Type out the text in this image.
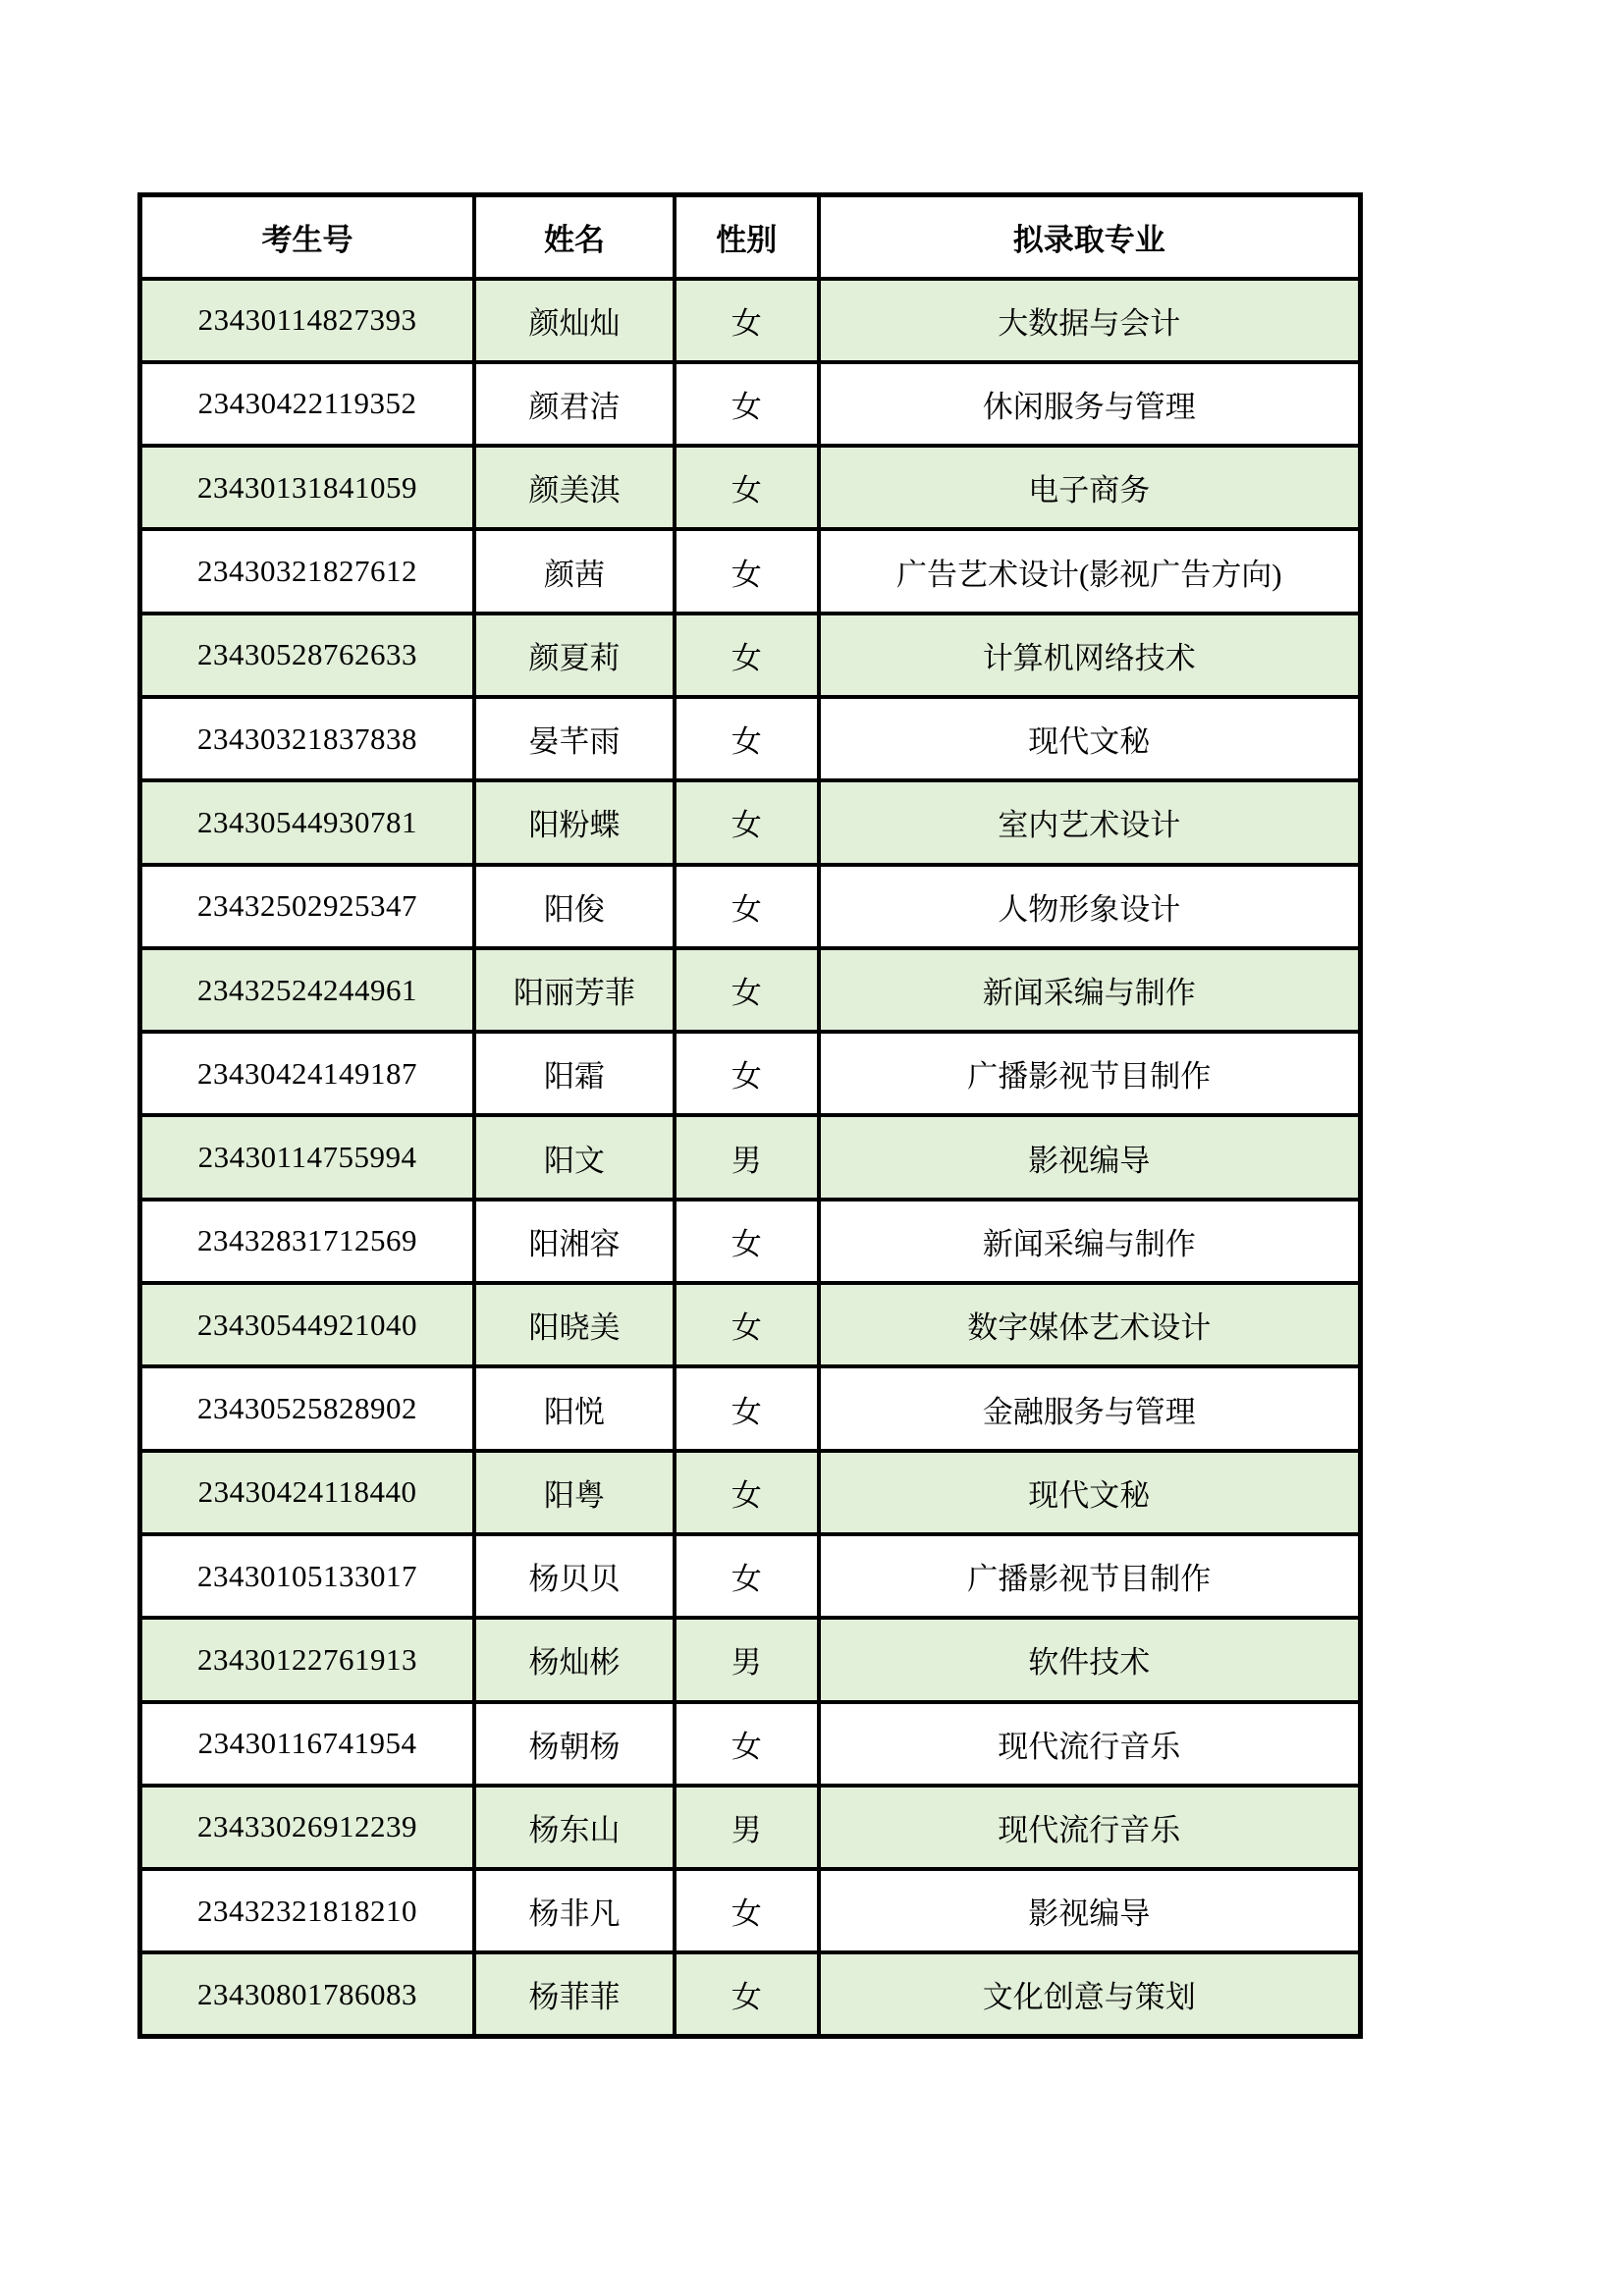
考生号	姓名	性别	拟录取专业
23430114827393	颜灿灿	女	大数据与会计
23430422119352	颜君洁	女	休闲服务与管理
23430131841059	颜美淇	女	电子商务
23430321827612	颜茜	女	广告艺术设计(影视广告方向)
23430528762633	颜夏莉	女	计算机网络技术
23430321837838	晏芊雨	女	现代文秘
23430544930781	阳粉蝶	女	室内艺术设计
23432502925347	阳俊	女	人物形象设计
23432524244961	阳丽芳菲	女	新闻采编与制作
23430424149187	阳霜	女	广播影视节目制作
23430114755994	阳文	男	影视编导
23432831712569	阳湘容	女	新闻采编与制作
23430544921040	阳晓美	女	数字媒体艺术设计
23430525828902	阳悦	女	金融服务与管理
23430424118440	阳粤	女	现代文秘
23430105133017	杨贝贝	女	广播影视节目制作
23430122761913	杨灿彬	男	软件技术
23430116741954	杨朝杨	女	现代流行音乐
23433026912239	杨东山	男	现代流行音乐
23432321818210	杨非凡	女	影视编导
23430801786083	杨菲菲	女	文化创意与策划
